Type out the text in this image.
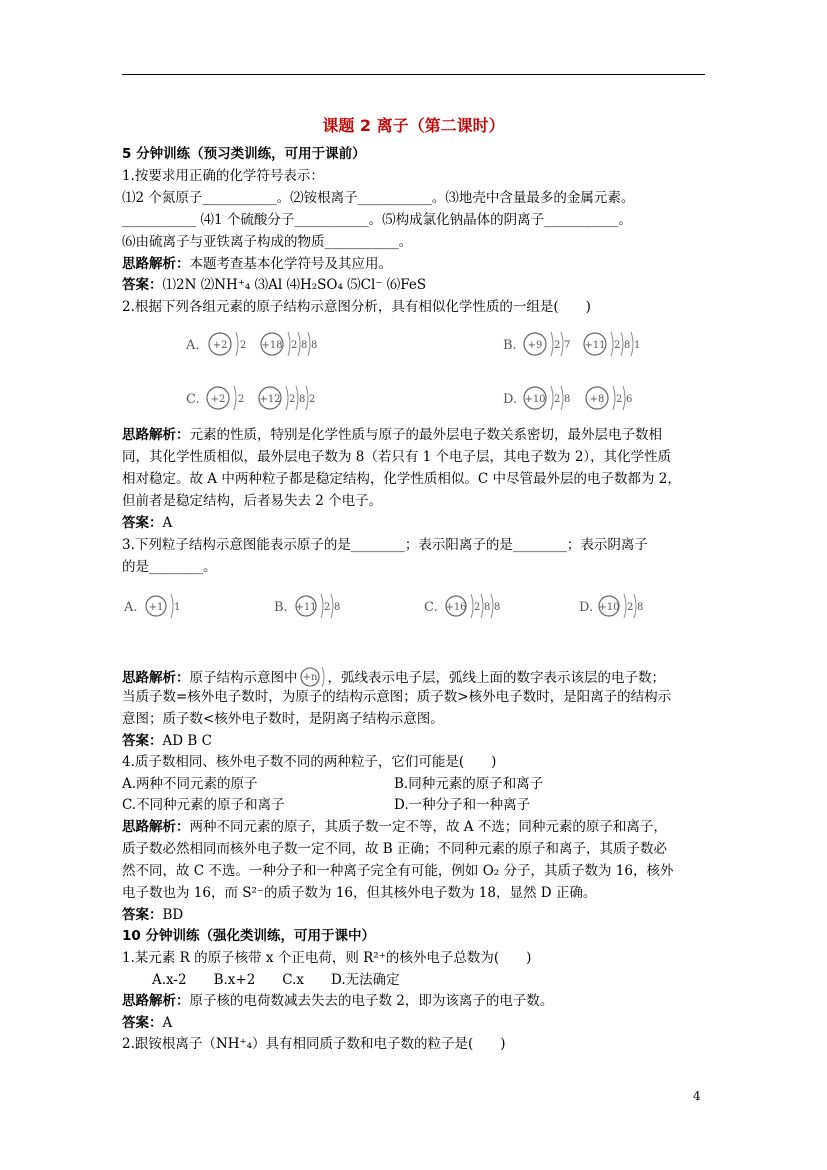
课题 2 离子（第二课时）
5 分钟训练（预习类训练，可用于课前）
1.按要求用正确的化学符号表示：
⑴2 个氮原子___________。⑵铵根离子___________。⑶地壳中含量最多的金属元素。
___________ ⑷1 个硫酸分子___________。⑸构成氯化钠晶体的阴离子___________。
⑹由硫离子与亚铁离子构成的物质___________。
思路解析：本题考查基本化学符号及其应用。
答案：⑴2N ⑵NH⁺₄ ⑶Al ⑷H₂SO₄ ⑸Cl⁻ ⑹FeS
2.根据下列各组元素的原子结构示意图分析，具有相似化学性质的一组是(　　)
A. +2 2 +18 2 8 8	B. +9 2 7 +11 2 8 1
C. +2 2 +12 2 8 2	D. +10 2 8 +8 2 6
思路解析：元素的性质，特别是化学性质与原子的最外层电子数关系密切，最外层电子数相
同，其化学性质相似，最外层电子数为 8（若只有 1 个电子层，其电子数为 2），其化学性质
相对稳定。故 A 中两种粒子都是稳定结构，化学性质相似。C 中尽管最外层的电子数都为 2，
但前者是稳定结构，后者易失去 2 个电子。
答案：A
3.下列粒子结构示意图能表示原子的是________；表示阳离子的是________；表示阴离子
的是________。
A. +1 1	B. +11 2 8	C. +16 2 8 8	D. +10 2 8
思路解析：原子结构示意图中 +n ，弧线表示电子层，弧线上面的数字表示该层的电子数；
当质子数=核外电子数时，为原子的结构示意图；质子数>核外电子数时，是阳离子的结构示
意图；质子数<核外电子数时，是阴离子结构示意图。
答案：AD B C
4.质子数相同、核外电子数不同的两种粒子，它们可能是(　　)
A.两种不同元素的原子	B.同种元素的原子和离子
C.不同种元素的原子和离子	D.一种分子和一种离子
思路解析：两种不同元素的原子，其质子数一定不等，故 A 不选；同种元素的原子和离子，
质子数必然相同而核外电子数一定不同，故 B 正确；不同种元素的原子和离子，其质子数必
然不同，故 C 不选。一种分子和一种离子完全有可能，例如 O₂ 分子，其质子数为 16，核外
电子数也为 16，而 S²⁻的质子数为 16，但其核外电子数为 18，显然 D 正确。
答案：BD
10 分钟训练（强化类训练，可用于课中）
1.某元素 R 的原子核带 x 个正电荷，则 R²⁺的核外电子总数为(　　)
A.x-2　　B.x+2　　C.x　　D.无法确定
思路解析：原子核的电荷数减去失去的电子数 2，即为该离子的电子数。
答案：A
2.跟铵根离子（NH⁺₄）具有相同质子数和电子数的粒子是(　　)
4
